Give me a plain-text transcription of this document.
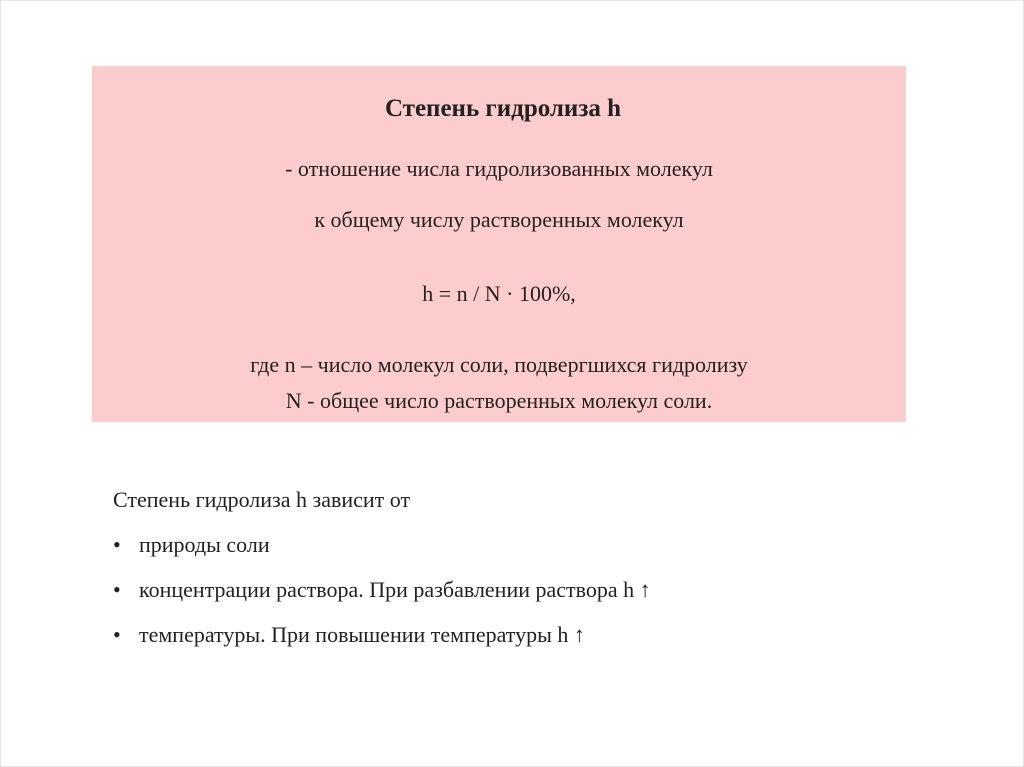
Степень гидролиза h
- отношение числа гидролизованных молекул
к общему числу растворенных молекул
h = n / N · 100%,
где n – число молекул соли, подвергшихся гидролизу
N - общее число растворенных молекул соли.
Степень гидролиза h зависит от
• природы соли
• концентрации раствора. При разбавлении раствора h ↑
• температуры. При повышении температуры h ↑
